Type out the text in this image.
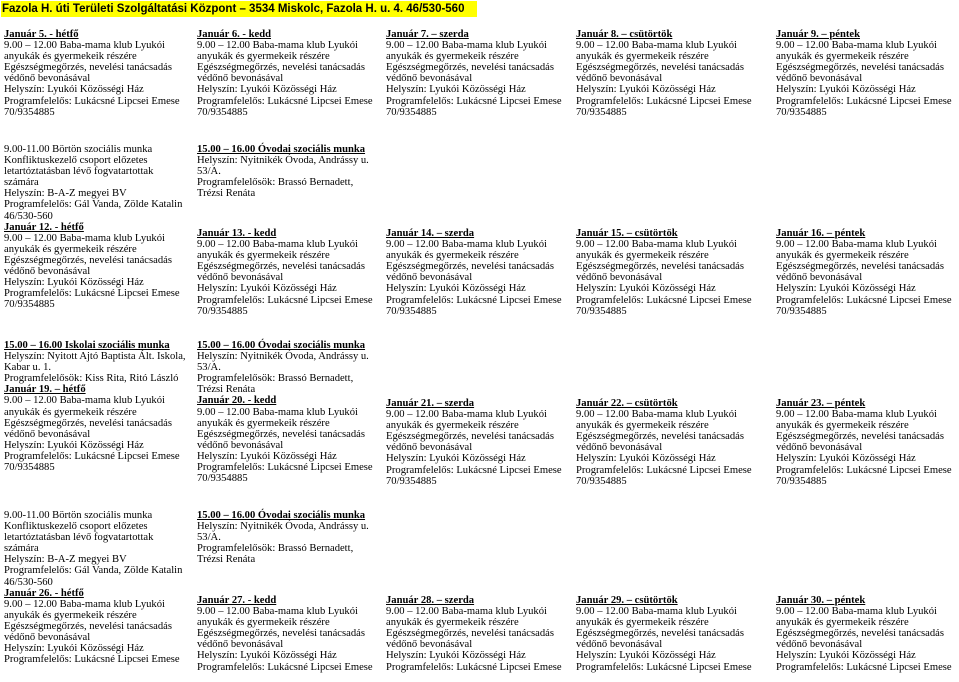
Fazola H. úti Területi Szolgáltatási Központ – 3534 Miskolc, Fazola H. u. 4. 46/530-560
Január 5. - hétfő
9.00 – 12.00 Baba-mama klub Lyukói
anyukák és gyermekeik részére
Egészségmegőrzés, nevelési tanácsadás
védőnő bevonásával
Helyszín: Lyukói Közösségi Ház
Programfelelős: Lukácsné Lipcsei Emese
70/9354885
9.00-11.00 Börtön szociális munka
Konfliktuskezelő csoport előzetes
letartóztatásban lévő fogvatartottak
számára
Helyszín: B-A-Z megyei BV
Programfelelős: Gál Vanda, Zölde Katalin
46/530-560
Január 12. - hétfő
9.00 – 12.00 Baba-mama klub Lyukói
anyukák és gyermekeik részére
Egészségmegőrzés, nevelési tanácsadás
védőnő bevonásával
Helyszín: Lyukói Közösségi Ház
Programfelelős: Lukácsné Lipcsei Emese
70/9354885
15.00 – 16.00 Iskolai szociális munka
Helyszín: Nyitott Ajtó Baptista Ált. Iskola,
Kabar u. 1.
Programfelelősök: Kiss Rita, Ritó László
Január 19. – hétfő
9.00 – 12.00 Baba-mama klub Lyukói
anyukák és gyermekeik részére
Egészségmegőrzés, nevelési tanácsadás
védőnő bevonásával
Helyszín: Lyukói Közösségi Ház
Programfelelős: Lukácsné Lipcsei Emese
70/9354885
9.00-11.00 Börtön szociális munka
Konfliktuskezelő csoport előzetes
letartóztatásban lévő fogvatartottak
számára
Helyszín: B-A-Z megyei BV
Programfelelős: Gál Vanda, Zölde Katalin
46/530-560
Január 26. - hétfő
9.00 – 12.00 Baba-mama klub Lyukói
anyukák és gyermekeik részére
Egészségmegőrzés, nevelési tanácsadás
védőnő bevonásával
Helyszín: Lyukói Közösségi Ház
Programfelelős: Lukácsné Lipcsei Emese
Január 6. - kedd
9.00 – 12.00 Baba-mama klub Lyukói
anyukák és gyermekeik részére
Egészségmegőrzés, nevelési tanácsadás
védőnő bevonásával
Helyszín: Lyukói Közösségi Ház
Programfelelős: Lukácsné Lipcsei Emese
70/9354885
15.00 – 16.00 Óvodai szociális munka
Helyszín: Nyitnikék Óvoda, Andrássy u.
53/A.
Programfelelősök: Brassó Bernadett,
Trézsi Renáta
Január 13. - kedd
9.00 – 12.00 Baba-mama klub Lyukói
anyukák és gyermekeik részére
Egészségmegőrzés, nevelési tanácsadás
védőnő bevonásával
Helyszín: Lyukói Közösségi Ház
Programfelelős: Lukácsné Lipcsei Emese
70/9354885
15.00 – 16.00 Óvodai szociális munka
Helyszín: Nyitnikék Óvoda, Andrássy u.
53/A.
Programfelelősök: Brassó Bernadett,
Trézsi Renáta
Január 20. - kedd
9.00 – 12.00 Baba-mama klub Lyukói
anyukák és gyermekeik részére
Egészségmegőrzés, nevelési tanácsadás
védőnő bevonásával
Helyszín: Lyukói Közösségi Ház
Programfelelős: Lukácsné Lipcsei Emese
70/9354885
15.00 – 16.00 Óvodai szociális munka
Helyszín: Nyitnikék Óvoda, Andrássy u.
53/A.
Programfelelősök: Brassó Bernadett,
Trézsi Renáta
Január 27. - kedd
9.00 – 12.00 Baba-mama klub Lyukói
anyukák és gyermekeik részére
Egészségmegőrzés, nevelési tanácsadás
védőnő bevonásával
Helyszín: Lyukói Közösségi Ház
Programfelelős: Lukácsné Lipcsei Emese
Január 7. – szerda
9.00 – 12.00 Baba-mama klub Lyukói
anyukák és gyermekeik részére
Egészségmegőrzés, nevelési tanácsadás
védőnő bevonásával
Helyszín: Lyukói Közösségi Ház
Programfelelős: Lukácsné Lipcsei Emese
70/9354885
Január 14. – szerda
9.00 – 12.00 Baba-mama klub Lyukói
anyukák és gyermekeik részére
Egészségmegőrzés, nevelési tanácsadás
védőnő bevonásával
Helyszín: Lyukói Közösségi Ház
Programfelelős: Lukácsné Lipcsei Emese
70/9354885
Január 21. – szerda
9.00 – 12.00 Baba-mama klub Lyukói
anyukák és gyermekeik részére
Egészségmegőrzés, nevelési tanácsadás
védőnő bevonásával
Helyszín: Lyukói Közösségi Ház
Programfelelős: Lukácsné Lipcsei Emese
70/9354885
Január 28. – szerda
9.00 – 12.00 Baba-mama klub Lyukói
anyukák és gyermekeik részére
Egészségmegőrzés, nevelési tanácsadás
védőnő bevonásával
Helyszín: Lyukói Közösségi Ház
Programfelelős: Lukácsné Lipcsei Emese
Január 8. – csütörtök
9.00 – 12.00 Baba-mama klub Lyukói
anyukák és gyermekeik részére
Egészségmegőrzés, nevelési tanácsadás
védőnő bevonásával
Helyszín: Lyukói Közösségi Ház
Programfelelős: Lukácsné Lipcsei Emese
70/9354885
Január 15. – csütörtök
9.00 – 12.00 Baba-mama klub Lyukói
anyukák és gyermekeik részére
Egészségmegőrzés, nevelési tanácsadás
védőnő bevonásával
Helyszín: Lyukói Közösségi Ház
Programfelelős: Lukácsné Lipcsei Emese
70/9354885
Január 22. – csütörtök
9.00 – 12.00 Baba-mama klub Lyukói
anyukák és gyermekeik részére
Egészségmegőrzés, nevelési tanácsadás
védőnő bevonásával
Helyszín: Lyukói Közösségi Ház
Programfelelős: Lukácsné Lipcsei Emese
70/9354885
Január 29. – csütörtök
9.00 – 12.00 Baba-mama klub Lyukói
anyukák és gyermekeik részére
Egészségmegőrzés, nevelési tanácsadás
védőnő bevonásával
Helyszín: Lyukói Közösségi Ház
Programfelelős: Lukácsné Lipcsei Emese
Január 9. – péntek
9.00 – 12.00 Baba-mama klub Lyukói
anyukák és gyermekeik részére
Egészségmegőrzés, nevelési tanácsadás
védőnő bevonásával
Helyszín: Lyukói Közösségi Ház
Programfelelős: Lukácsné Lipcsei Emese
70/9354885
Január 16. – péntek
9.00 – 12.00 Baba-mama klub Lyukói
anyukák és gyermekeik részére
Egészségmegőrzés, nevelési tanácsadás
védőnő bevonásával
Helyszín: Lyukói Közösségi Ház
Programfelelős: Lukácsné Lipcsei Emese
70/9354885
Január 23. – péntek
9.00 – 12.00 Baba-mama klub Lyukói
anyukák és gyermekeik részére
Egészségmegőrzés, nevelési tanácsadás
védőnő bevonásával
Helyszín: Lyukói Közösségi Ház
Programfelelős: Lukácsné Lipcsei Emese
70/9354885
Január 30. – péntek
9.00 – 12.00 Baba-mama klub Lyukói
anyukák és gyermekeik részére
Egészségmegőrzés, nevelési tanácsadás
védőnő bevonásával
Helyszín: Lyukói Közösségi Ház
Programfelelős: Lukácsné Lipcsei Emese
